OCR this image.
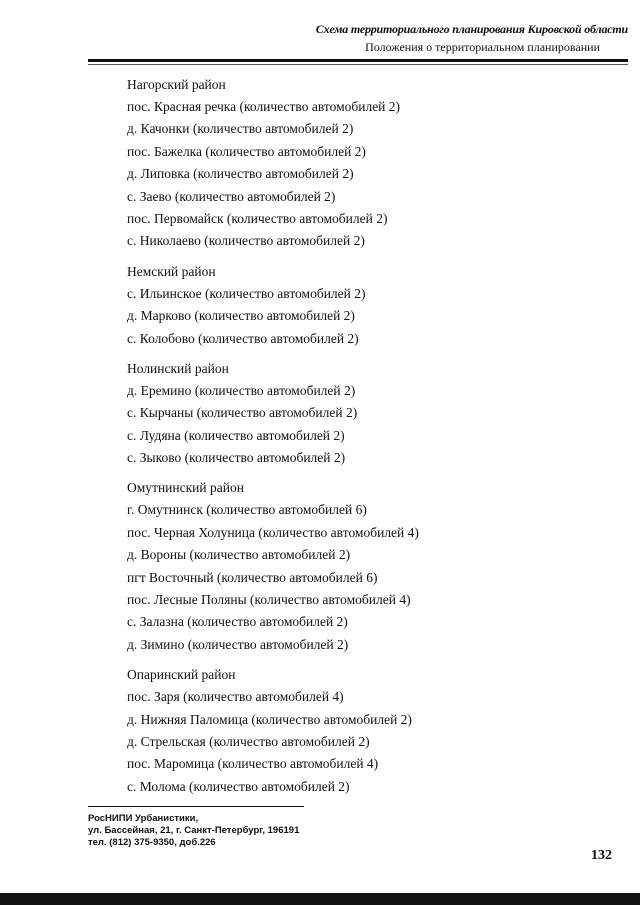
Схема территориального планирования Кировской области
Положения о территориальном планировании
Нагорский район
пос. Красная речка (количество автомобилей 2)
д. Качонки (количество автомобилей 2)
пос. Бажелка (количество автомобилей 2)
д. Липовка (количество автомобилей 2)
с. Заево (количество автомобилей 2)
пос. Первомайск (количество автомобилей 2)
с. Николаево (количество автомобилей 2)
Немский район
с. Ильинское (количество автомобилей 2)
д. Марково (количество автомобилей 2)
с. Колобово (количество автомобилей 2)
Нолинский район
д. Еремино (количество автомобилей 2)
с. Кырчаны (количество автомобилей 2)
с. Лудяна (количество автомобилей 2)
с. Зыково (количество автомобилей 2)
Омутнинский район
г. Омутнинск (количество автомобилей 6)
пос. Черная Холуница (количество автомобилей 4)
д. Вороны (количество автомобилей 2)
пгт Восточный (количество автомобилей 6)
пос. Лесные Поляны (количество автомобилей 4)
с. Залазна (количество автомобилей 2)
д. Зимино (количество автомобилей 2)
Опаринский район
пос. Заря (количество автомобилей 4)
д. Нижняя Паломица (количество автомобилей 2)
д. Стрельская (количество автомобилей 2)
пос. Маромица (количество автомобилей 4)
с. Молома (количество автомобилей 2)
РосНИПИ Урбанистики,
ул. Бассейная, 21, г. Санкт-Петербург, 196191
тел. (812) 375-9350, доб.226
132
